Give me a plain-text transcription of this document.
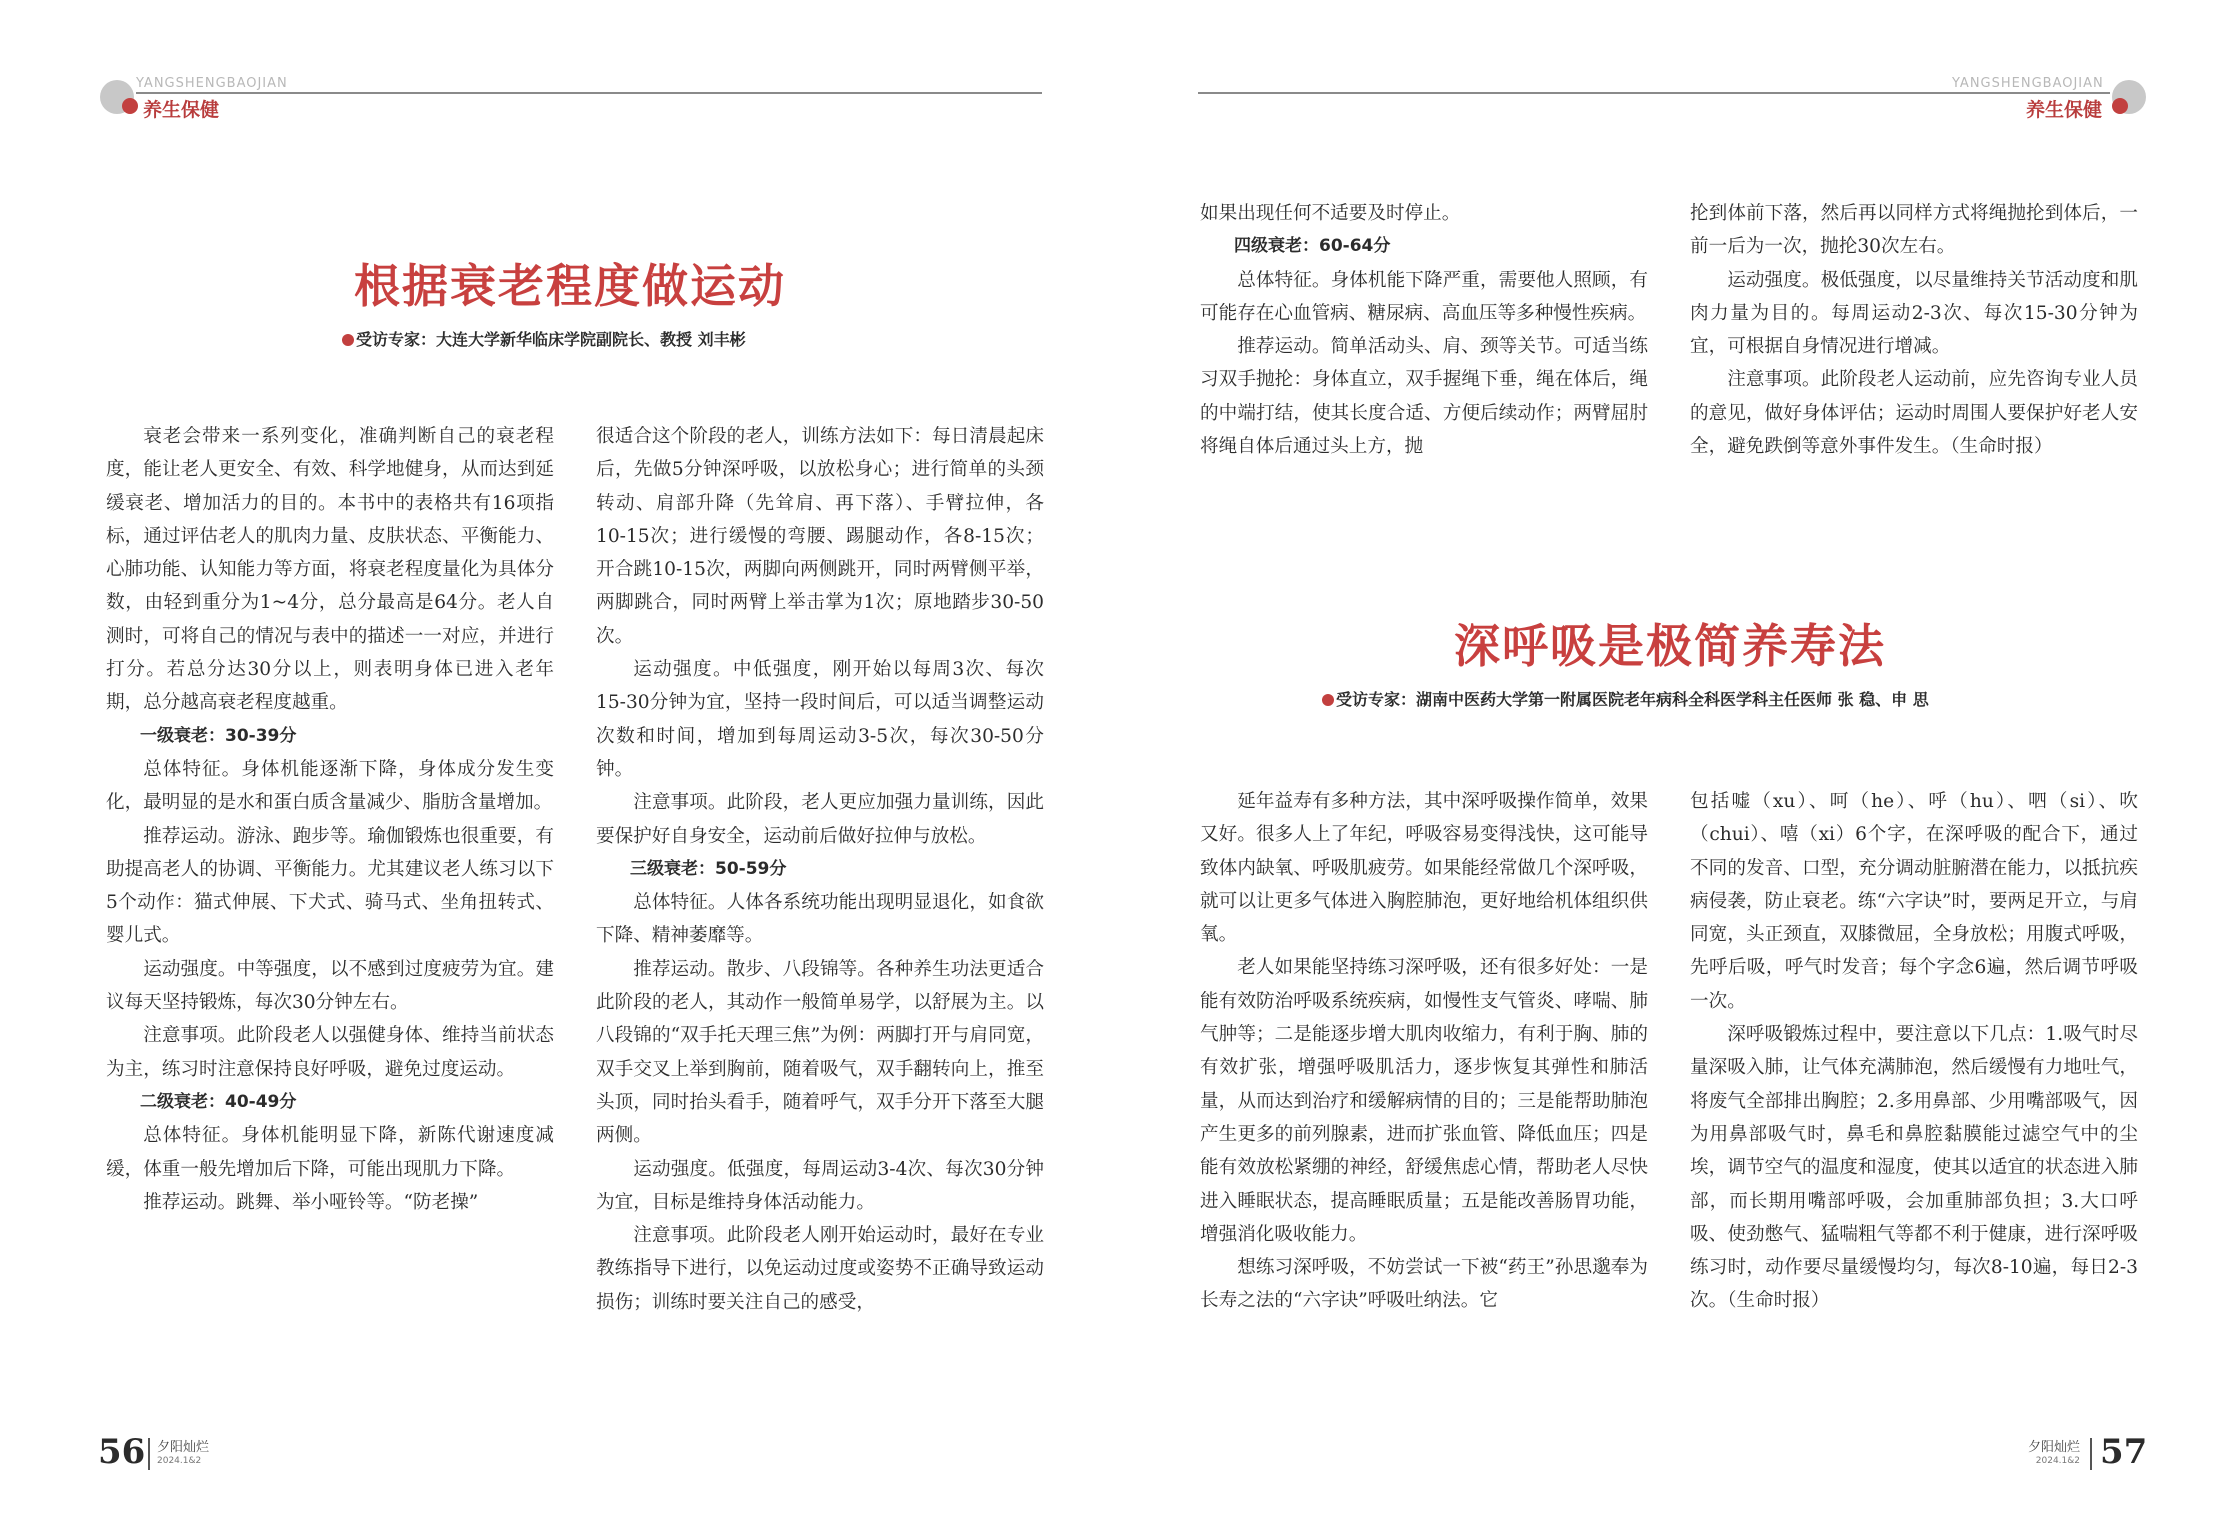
YANGSHENGBAOJIAN
养生保健
YANGSHENGBAOJIAN
养生保健
根据衰老程度做运动
受访专家：大连大学新华临床学院副院长、教授 刘丰彬

衰老会带来一系列变化，准确判断自己的衰老程度，能让老人更安全、有效、科学地健身，从而达到延缓衰老、增加活力的目的。本书中的表格共有16项指标，通过评估老人的肌肉力量、皮肤状态、平衡能力、心肺功能、认知能力等方面，将衰老程度量化为具体分数，由轻到重分为1~4分，总分最高是64分。老人自测时，可将自己的情况与表中的描述一一对应，并进行打分。若总分达30分以上，则表明身体已进入老年期，总分越高衰老程度越重。

一级衰老：30-39分

总体特征。身体机能逐渐下降，身体成分发生变化，最明显的是水和蛋白质含量减少、脂肪含量增加。

推荐运动。游泳、跑步等。瑜伽锻炼也很重要，有助提高老人的协调、平衡能力。尤其建议老人练习以下5个动作：猫式伸展、下犬式、骑马式、坐角扭转式、婴儿式。

运动强度。中等强度，以不感到过度疲劳为宜。建议每天坚持锻炼，每次30分钟左右。

注意事项。此阶段老人以强健身体、维持当前状态为主，练习时注意保持良好呼吸，避免过度运动。

二级衰老：40-49分

总体特征。身体机能明显下降，新陈代谢速度减缓，体重一般先增加后下降，可能出现肌力下降。

推荐运动。跳舞、举小哑铃等。“防老操”

很适合这个阶段的老人，训练方法如下：每日清晨起床后，先做5分钟深呼吸，以放松身心；进行简单的头颈转动、肩部升降（先耸肩、再下落）、手臂拉伸，各10-15次；进行缓慢的弯腰、踢腿动作，各8-15次；开合跳10-15次，两脚向两侧跳开，同时两臂侧平举，两脚跳合，同时两臂上举击掌为1次；原地踏步30-50次。

运动强度。中低强度，刚开始以每周3次、每次15-30分钟为宜，坚持一段时间后，可以适当调整运动次数和时间，增加到每周运动3-5次，每次30-50分钟。

注意事项。此阶段，老人更应加强力量训练，因此要保护好自身安全，运动前后做好拉伸与放松。

三级衰老：50-59分

总体特征。人体各系统功能出现明显退化，如食欲下降、精神萎靡等。

推荐运动。散步、八段锦等。各种养生功法更适合此阶段的老人，其动作一般简单易学，以舒展为主。以八段锦的“双手托天理三焦”为例：两脚打开与肩同宽，双手交叉上举到胸前，随着吸气，双手翻转向上，推至头顶，同时抬头看手，随着呼气，双手分开下落至大腿两侧。

运动强度。低强度，每周运动3-4次、每次30分钟为宜，目标是维持身体活动能力。

注意事项。此阶段老人刚开始运动时，最好在专业教练指导下进行，以免运动过度或姿势不正确导致运动损伤；训练时要关注自己的感受，

如果出现任何不适要及时停止。

四级衰老：60-64分

总体特征。身体机能下降严重，需要他人照顾，有可能存在心血管病、糖尿病、高血压等多种慢性疾病。

推荐运动。简单活动头、肩、颈等关节。可适当练习双手抛抡：身体直立，双手握绳下垂，绳在体后，绳的中端打结，使其长度合适、方便后续动作；两臂屈肘将绳自体后通过头上方，抛

抡到体前下落，然后再以同样方式将绳抛抡到体后，一前一后为一次，抛抡30次左右。

运动强度。极低强度，以尽量维持关节活动度和肌肉力量为目的。每周运动2-3次、每次15-30分钟为宜，可根据自身情况进行增减。

注意事项。此阶段老人运动前，应先咨询专业人员的意见，做好身体评估；运动时周围人要保护好老人安全，避免跌倒等意外事件发生。（生命时报）

深呼吸是极简养寿法
受访专家：湖南中医药大学第一附属医院老年病科全科医学科主任医师 张 稳、申 思

延年益寿有多种方法，其中深呼吸操作简单，效果又好。很多人上了年纪，呼吸容易变得浅快，这可能导致体内缺氧、呼吸肌疲劳。如果能经常做几个深呼吸，就可以让更多气体进入胸腔肺泡，更好地给机体组织供氧。

老人如果能坚持练习深呼吸，还有很多好处：一是能有效防治呼吸系统疾病，如慢性支气管炎、哮喘、肺气肿等；二是能逐步增大肌肉收缩力，有利于胸、肺的有效扩张，增强呼吸肌活力，逐步恢复其弹性和肺活量，从而达到治疗和缓解病情的目的；三是能帮助肺泡产生更多的前列腺素，进而扩张血管、降低血压；四是能有效放松紧绷的神经，舒缓焦虑心情，帮助老人尽快进入睡眠状态，提高睡眠质量；五是能改善肠胃功能，增强消化吸收能力。

想练习深呼吸，不妨尝试一下被“药王”孙思邈奉为长寿之法的“六字诀”呼吸吐纳法。它

包括嘘（xu）、呵（he）、呼（hu）、呬（si）、吹（chui）、嘻（xi）6个字，在深呼吸的配合下，通过不同的发音、口型，充分调动脏腑潜在能力，以抵抗疾病侵袭，防止衰老。练“六字诀”时，要两足开立，与肩同宽，头正颈直，双膝微屈，全身放松；用腹式呼吸，先呼后吸，呼气时发音；每个字念6遍，然后调节呼吸一次。

深呼吸锻炼过程中，要注意以下几点：1.吸气时尽量深吸入肺，让气体充满肺泡，然后缓慢有力地吐气，将废气全部排出胸腔；2.多用鼻部、少用嘴部吸气，因为用鼻部吸气时，鼻毛和鼻腔黏膜能过滤空气中的尘埃，调节空气的温度和湿度，使其以适宜的状态进入肺部，而长期用嘴部呼吸，会加重肺部负担；3.大口呼吸、使劲憋气、猛喘粗气等都不利于健康，进行深呼吸练习时，动作要尽量缓慢均匀，每次8-10遍，每日2-3次。（生命时报）

56 夕阳灿烂
2024.1&2
夕阳灿烂
2024.1&2 57
